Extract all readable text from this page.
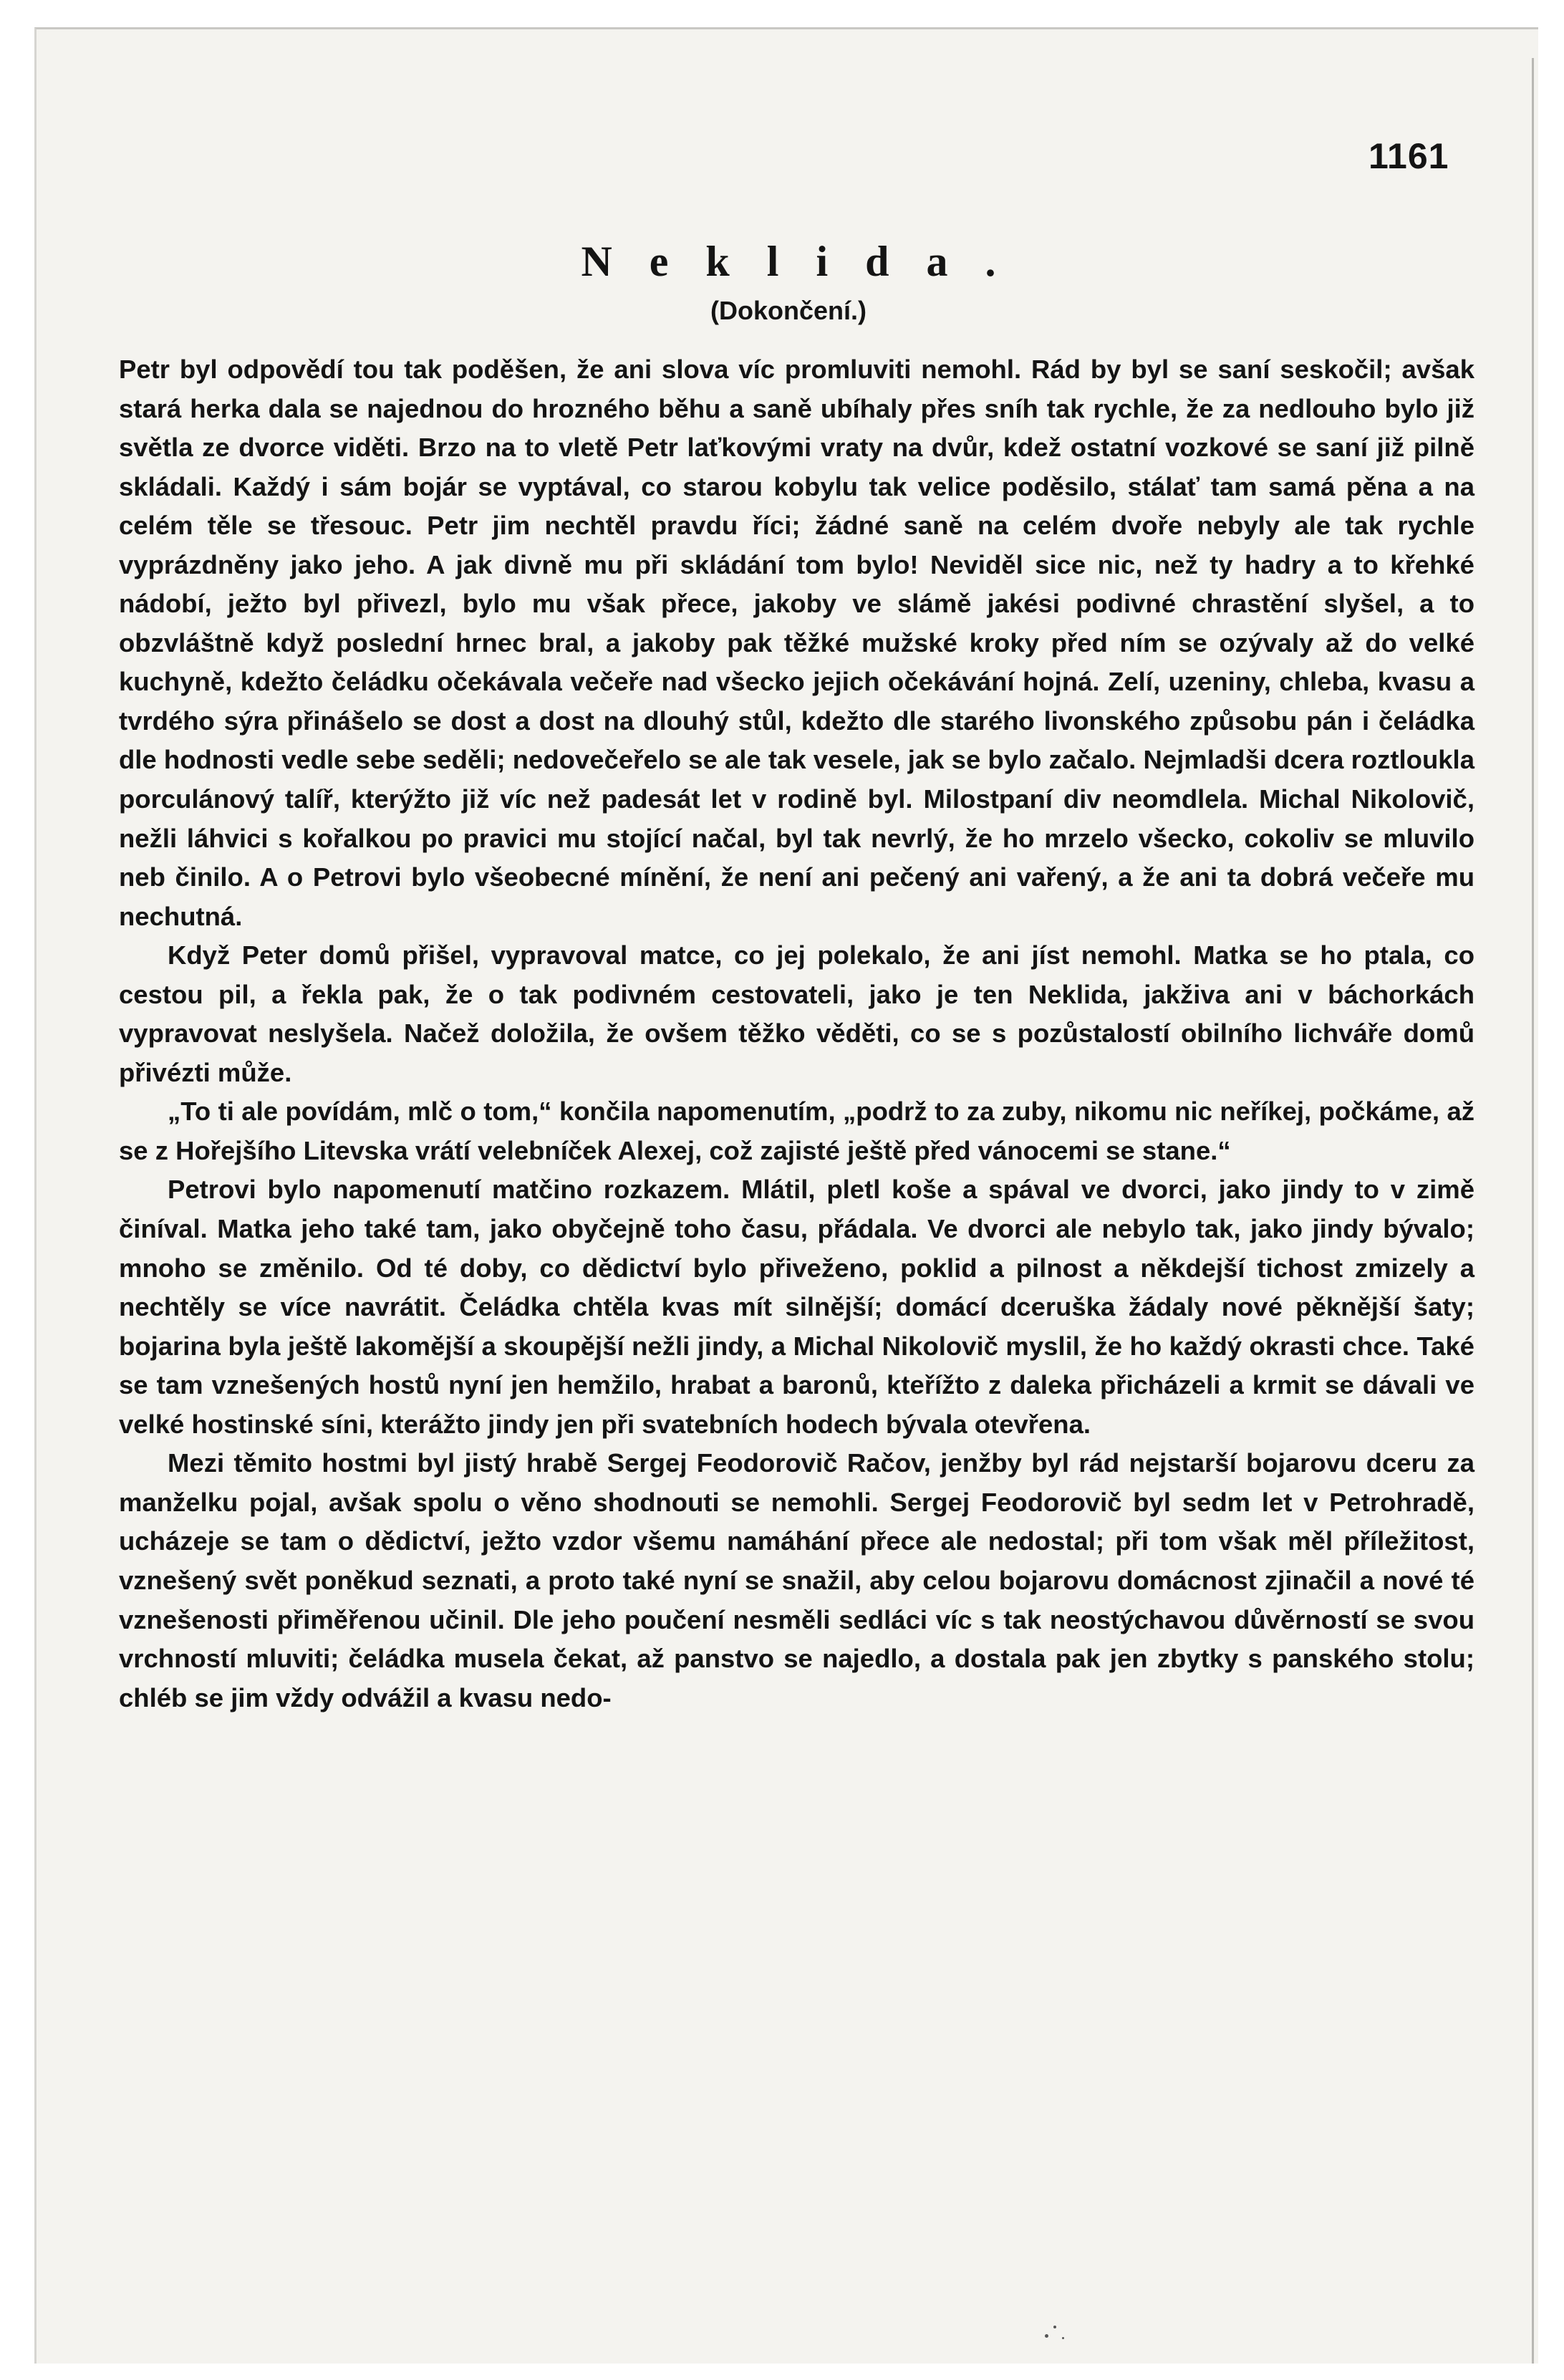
1161
Neklida.
(Dokončení.)

Petr byl odpovědí tou tak poděšen, že ani slova víc promluviti nemohl. Rád by byl se saní seskočil; avšak stará herka dala se najednou do hrozného běhu a saně ubíhaly přes sníh tak rychle, že za nedlouho bylo již světla ze dvorce viděti. Brzo na to vletě Petr laťkovými vraty na dvůr, kdež ostatní vozkové se saní již pilně skládali. Každý i sám bojár se vyptával, co starou kobylu tak velice poděsilo, stálať tam samá pěna a na celém těle se třesouc. Petr jim nechtěl pravdu říci; žádné saně na celém dvoře nebyly ale tak rychle vyprázdněny jako jeho. A jak divně mu při skládání tom bylo! Neviděl sice nic, než ty hadry a to křehké nádobí, ježto byl přivezl, bylo mu však přece, jakoby ve slámě jakési podivné chrastění slyšel, a to obzvláštně když poslední hrnec bral, a jakoby pak těžké mužské kroky před ním se ozývaly až do velké kuchyně, kdežto čeládku očekávala večeře nad všecko jejich očekávání hojná. Zelí, uzeniny, chleba, kvasu a tvrdého sýra přinášelo se dost a dost na dlouhý stůl, kdežto dle starého livonského způsobu pán i čeládka dle hodnosti vedle sebe seděli; nedovečeřelo se ale tak vesele, jak se bylo začalo. Nejmladši dcera roztloukla porculánový talíř, kterýžto již víc než padesát let v rodině byl. Milostpaní div neomdlela. Michal Nikolovič, nežli láhvici s kořalkou po pravici mu stojící načal, byl tak nevrlý, že ho mrzelo všecko, cokoliv se mluvilo neb činilo. A o Petrovi bylo všeobecné mínění, že není ani pečený ani vařený, a že ani ta dobrá večeře mu nechutná.

Když Peter domů přišel, vypravoval matce, co jej polekalo, že ani jíst nemohl. Matka se ho ptala, co cestou pil, a řekla pak, že o tak podivném cestovateli, jako je ten Neklida, jakživa ani v báchorkách vypravovat neslyšela. Načež doložila, že ovšem těžko věděti, co se s pozůstalostí obilního lichváře domů přivézti může.

„To ti ale povídám, mlč o tom,“ končila napomenutím, „podrž to za zuby, nikomu nic neříkej, počkáme, až se z Hořejšího Litevska vrátí velebníček Alexej, což zajisté ještě před vánocemi se stane.“

Petrovi bylo napomenutí matčino rozkazem. Mlátil, pletl koše a spával ve dvorci, jako jindy to v zimě činíval. Matka jeho také tam, jako obyčejně toho času, přádala. Ve dvorci ale nebylo tak, jako jindy bývalo; mnoho se změnilo. Od té doby, co dědictví bylo přiveženo, poklid a pilnost a někdejší tichost zmizely a nechtěly se více navrátit. Čeládka chtěla kvas mít silnější; domácí dceruška žádaly nové pěknější šaty; bojarina byla ještě lakomější a skoupější nežli jindy, a Michal Nikolovič myslil, že ho každý okrasti chce. Také se tam vznešených hostů nyní jen hemžilo, hrabat a baronů, kteřížto z daleka přicházeli a krmit se dávali ve velké hostinské síni, kterážto jindy jen při svatebních hodech bývala otevřena.

Mezi těmito hostmi byl jistý hrabě Sergej Feodorovič Račov, jenžby byl rád nejstarší bojarovu dceru za manželku pojal, avšak spolu o věno shodnouti se nemohli. Sergej Feodorovič byl sedm let v Petrohradě, ucházeje se tam o dědictví, ježto vzdor všemu namáhání přece ale nedostal; při tom však měl příležitost, vznešený svět poněkud seznati, a proto také nyní se snažil, aby celou bojarovu domácnost zjinačil a nové té vznešenosti přiměřenou učinil. Dle jeho poučení nesměli sedláci víc s tak neostýchavou důvěrností se svou vrchností mluviti; čeládka musela čekat, až panstvo se najedlo, a dostala pak jen zbytky s panského stolu; chléb se jim vždy odvážil a kvasu nedo-
